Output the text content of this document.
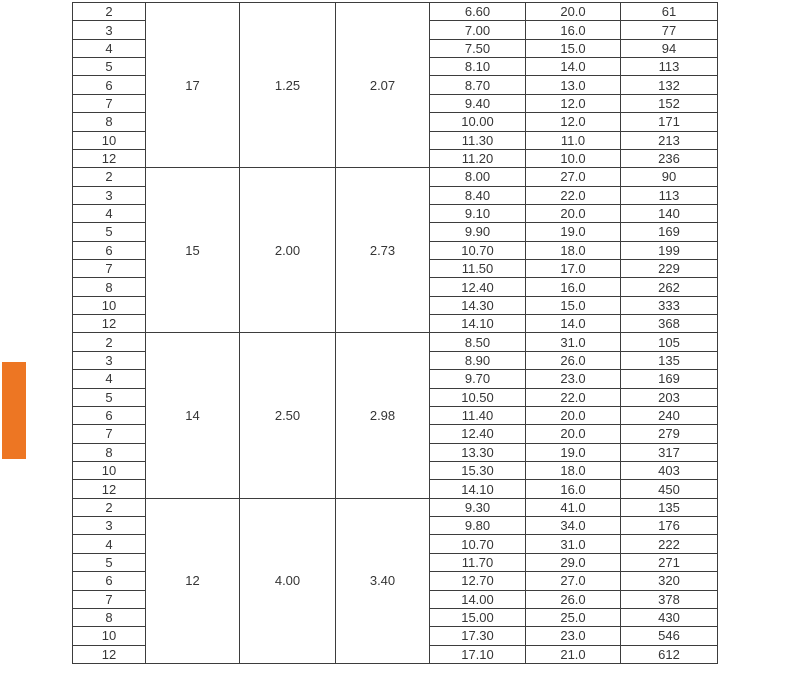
2	17	1.25	2.07	6.60	20.0	61
3				7.00	16.0	77
4				7.50	15.0	94
5				8.10	14.0	113
6				8.70	13.0	132
7				9.40	12.0	152
8				10.00	12.0	171
10				11.30	11.0	213
12				11.20	10.0	236
2	15	2.00	2.73	8.00	27.0	90
3				8.40	22.0	113
4				9.10	20.0	140
5				9.90	19.0	169
6				10.70	18.0	199
7				11.50	17.0	229
8				12.40	16.0	262
10				14.30	15.0	333
12				14.10	14.0	368
2	14	2.50	2.98	8.50	31.0	105
3				8.90	26.0	135
4				9.70	23.0	169
5				10.50	22.0	203
6				11.40	20.0	240
7				12.40	20.0	279
8				13.30	19.0	317
10				15.30	18.0	403
12				14.10	16.0	450
2	12	4.00	3.40	9.30	41.0	135
3				9.80	34.0	176
4				10.70	31.0	222
5				11.70	29.0	271
6				12.70	27.0	320
7				14.00	26.0	378
8				15.00	25.0	430
10				17.30	23.0	546
12				17.10	21.0	612
